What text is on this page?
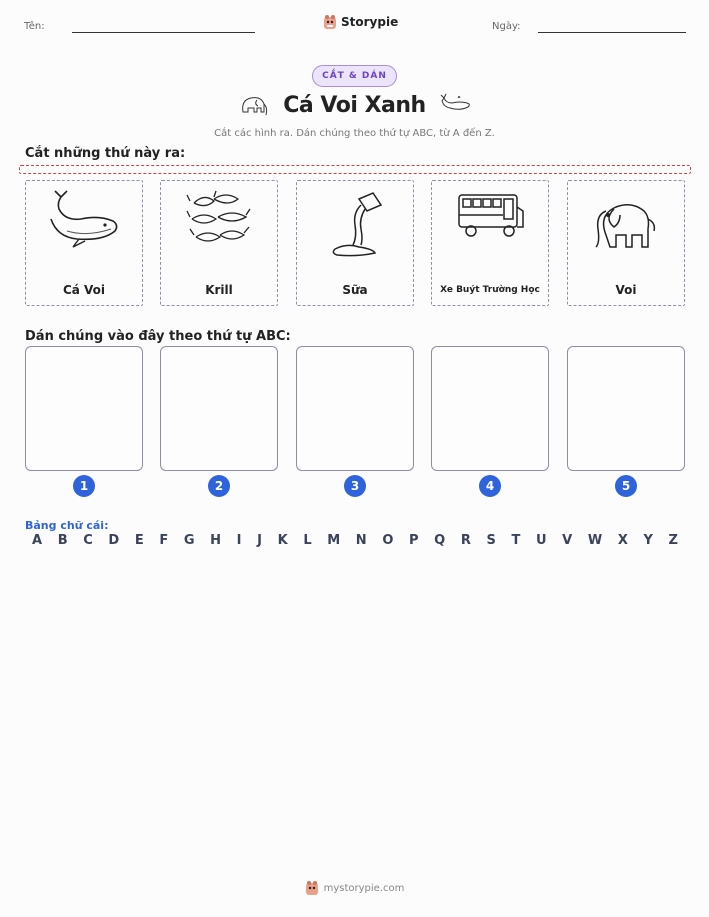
Tên:	Storypie	Ngày:
CẮT & DÁN
Cá Voi Xanh
Cắt các hình ra. Dán chúng theo thứ tự ABC, từ A đến Z.
Cắt những thứ này ra:
Cá Voi	Krill	Sữa	Xe Buýt Trường Học	Voi
Dán chúng vào đây theo thứ tự ABC:
1	2	3	4	5
Bảng chữ cái:
A B C D E F G H I J K L M N O P Q R S T U V W X Y Z
mystorypie.com
